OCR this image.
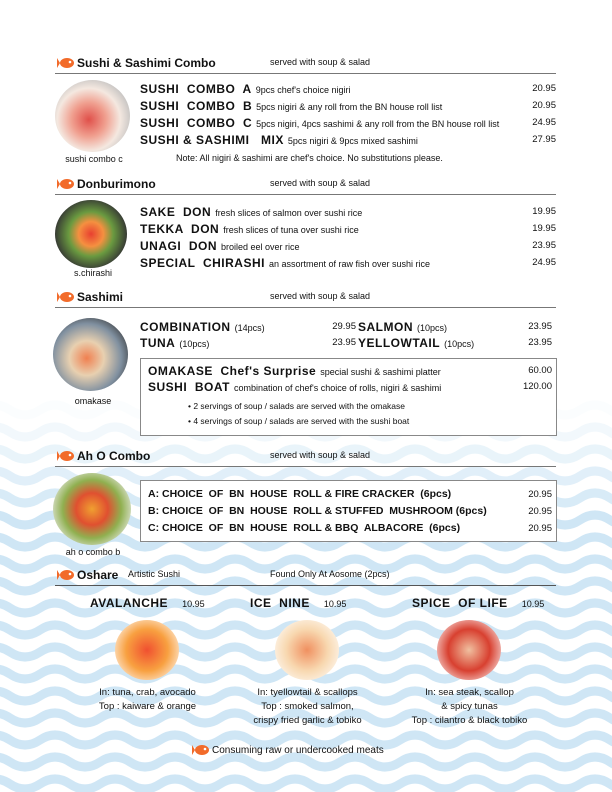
Sushi & Sashimi Combo	served with soup & salad
sushi combo c
SUSHI  COMBO  A 9pcs chef's choice nigiri	20.95
SUSHI  COMBO  B 5pcs nigiri & any roll from the BN house roll list	20.95
SUSHI  COMBO  C 5pcs nigiri, 4pcs sashimi & any roll from the BN house roll list	24.95
SUSHI & SASHIMI   MIX 5pcs nigiri & 9pcs mixed sashimi	27.95
Note: All nigiri & sashimi are chef's choice. No substitutions please.
Donburimono	served with soup & salad
s.chirashi
SAKE  DON fresh slices of salmon over sushi rice	19.95
TEKKA  DON fresh slices of tuna over sushi rice	19.95
UNAGI  DON broiled eel over rice	23.95
SPECIAL  CHIRASHI an assortment of raw fish over sushi rice	24.95
Sashimi	served with soup & salad
omakase
COMBINATION (14pcs)	29.95
TUNA (10pcs)	23.95
SALMON (10pcs)	23.95
YELLOWTAIL (10pcs)	23.95
OMAKASE  Chef's Surprise special sushi & sashimi platter	60.00
SUSHI  BOAT combination of chef's choice of rolls, nigiri & sashimi	120.00
• 2 servings of soup / salads are served with the omakase
• 4 servings of soup / salads are served with the sushi boat
Ah O Combo	served with soup & salad
ah o combo b
A: CHOICE  OF  BN  HOUSE  ROLL & FIRE CRACKER  (6pcs)	20.95
B: CHOICE  OF  BN  HOUSE  ROLL & STUFFED  MUSHROOM (6pcs)	20.95
C: CHOICE  OF  BN  HOUSE  ROLL & BBQ  ALBACORE  (6pcs)	20.95
Oshare Artistic Sushi	Found Only At Aosome (2pcs)
AVALANCHE 10.95
In: tuna, crab, avocado
Top : kaiware & orange
ICE  NINE 10.95
In: tyellowtail & scallops
Top : smoked salmon,
crispy fried garlic & tobiko
SPICE  OF LIFE 10.95
In: sea steak, scallop
& spicy tunas
Top : cilantro & black tobiko
Consuming raw or undercooked meats
